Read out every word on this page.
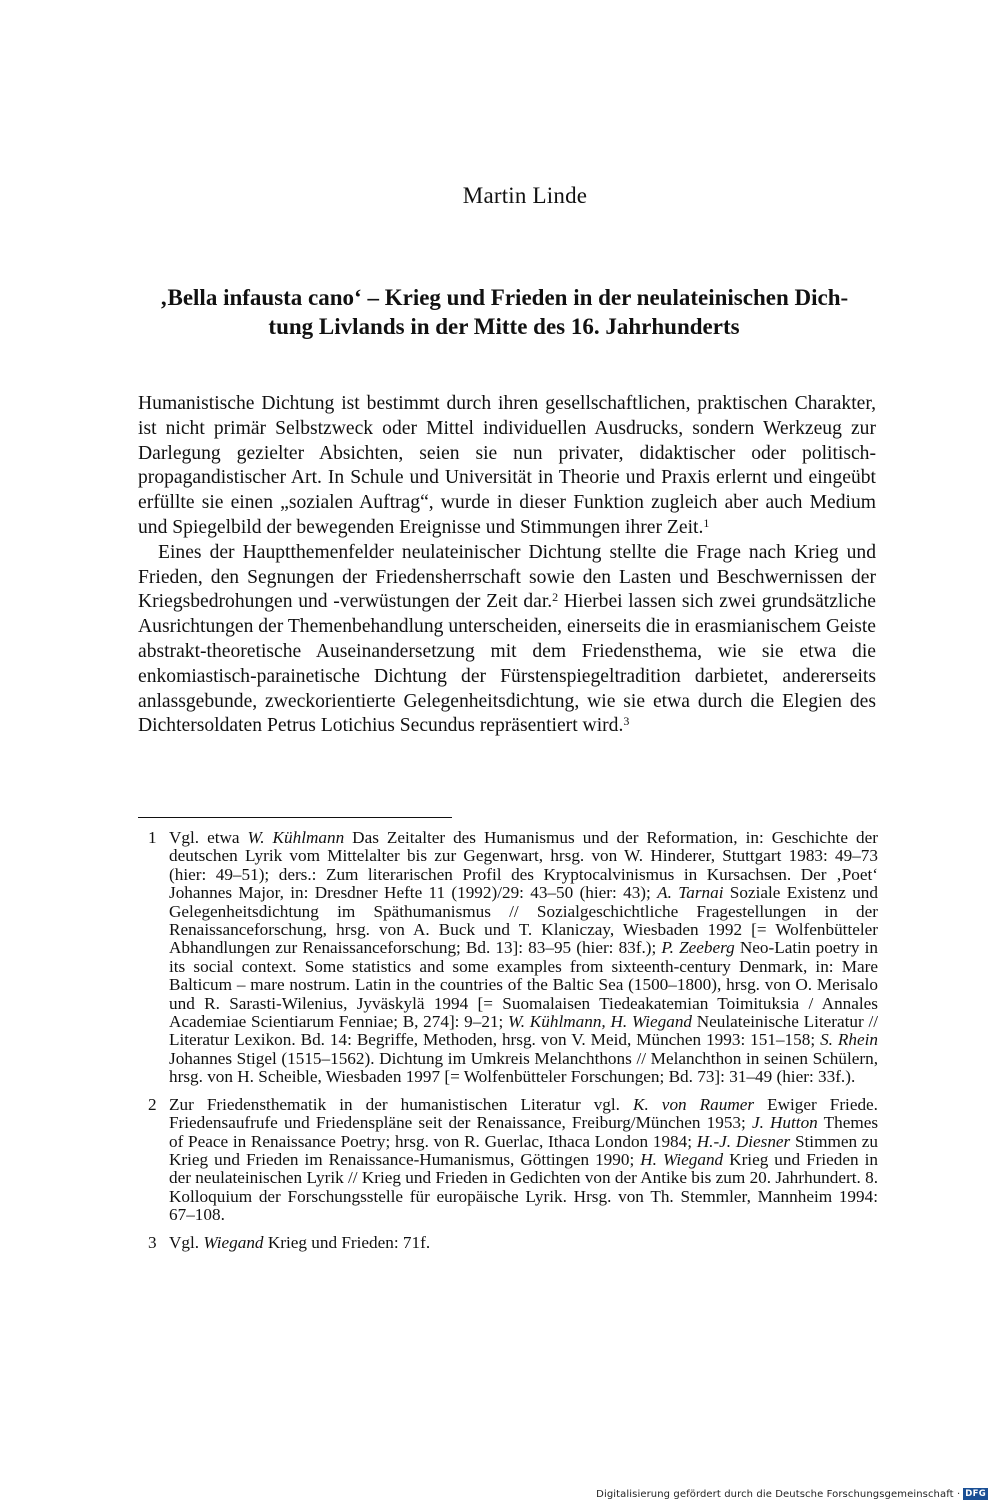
Martin Linde
‚Bella infausta cano‘ – Krieg und Frieden in der neulateinischen Dich-
tung Livlands in der Mitte des 16. Jahrhunderts

Humanistische Dichtung ist bestimmt durch ihren gesellschaftlichen, praktischen Charakter, ist nicht primär Selbstzweck oder Mittel individuellen Ausdrucks, sondern Werkzeug zur Darlegung gezielter Absichten, seien sie nun privater, didaktischer oder politisch-propagandistischer Art. In Schule und Universität in Theorie und Praxis erlernt und eingeübt erfüllte sie einen „sozialen Auftrag“, wurde in dieser Funktion zugleich aber auch Medium und Spiegelbild der bewegenden Ereignisse und Stimmungen ihrer Zeit.$^1$

Eines der Hauptthemenfelder neulateinischer Dichtung stellte die Frage nach Krieg und Frieden, den Segnungen der Friedensherrschaft sowie den Lasten und Beschwernissen der Kriegsbedrohungen und -verwüstungen der Zeit dar.$^2$ Hierbei lassen sich zwei grundsätzliche Ausrichtungen der Themenbehandlung unterscheiden, einerseits die in erasmianischem Geiste abstrakt-theoretische Auseinandersetzung mit dem Friedensthema, wie sie etwa die enkomiastisch-parainetische Dichtung der Fürstenspiegeltradition darbietet, andererseits anlassgebunde, zweckorientierte Gelegenheitsdichtung, wie sie etwa durch die Elegien des Dichtersoldaten Petrus Lotichius Secundus repräsentiert wird.$^3$

1 Vgl. etwa W. Kühlmann Das Zeitalter des Humanismus und der Reformation, in: Geschichte der deutschen Lyrik vom Mittelalter bis zur Gegenwart, hrsg. von W. Hinderer, Stuttgart 1983: 49–73 (hier: 49–51); ders.: Zum literarischen Profil des Kryptocalvinismus in Kursachsen. Der ‚Poet‘ Johannes Major, in: Dresdner Hefte 11 (1992)/29: 43–50 (hier: 43); A. Tarnai Soziale Existenz und Gelegenheitsdichtung im Späthumanismus // Sozialgeschichtliche Fragestellungen in der Renaissanceforschung, hrsg. von A. Buck und T. Klaniczay, Wiesbaden 1992 [= Wolfenbütteler Abhandlungen zur Renaissanceforschung; Bd. 13]: 83–95 (hier: 83f.); P. Zeeberg Neo-Latin poetry in its social context. Some statistics and some examples from sixteenth-century Denmark, in: Mare Balticum – mare nostrum. Latin in the countries of the Baltic Sea (1500–1800), hrsg. von O. Merisalo und R. Sarasti-Wilenius, Jyväskylä 1994 [= Suomalaisen Tiedeakatemian Toimituksia / Annales Academiae Scientiarum Fenniae; B, 274]: 9–21; W. Kühlmann, H. Wiegand Neulateinische Literatur // Literatur Lexikon. Bd. 14: Begriffe, Methoden, hrsg. von V. Meid, München 1993: 151–158; S. Rhein Johannes Stigel (1515–1562). Dichtung im Umkreis Melanchthons // Melanchthon in seinen Schülern, hrsg. von H. Scheible, Wiesbaden 1997 [= Wolfenbütteler Forschungen; Bd. 73]: 31–49 (hier: 33f.).
2 Zur Friedensthematik in der humanistischen Literatur vgl. K. von Raumer Ewiger Friede. Friedensaufrufe und Friedenspläne seit der Renaissance, Freiburg/München 1953; J. Hutton Themes of Peace in Renaissance Poetry; hrsg. von R. Guerlac, Ithaca London 1984; H.-J. Diesner Stimmen zu Krieg und Frieden im Renaissance-Humanismus, Göttingen 1990; H. Wiegand Krieg und Frieden in der neulateinischen Lyrik // Krieg und Frieden in Gedichten von der Antike bis zum 20. Jahrhundert. 8. Kolloquium der Forschungsstelle für europäische Lyrik. Hrsg. von Th. Stemmler, Mannheim 1994: 67–108.
3 Vgl. Wiegand Krieg und Frieden: 71f.
Digitalisierung gefördert durch die Deutsche Forschungsgemeinschaft · DFG
